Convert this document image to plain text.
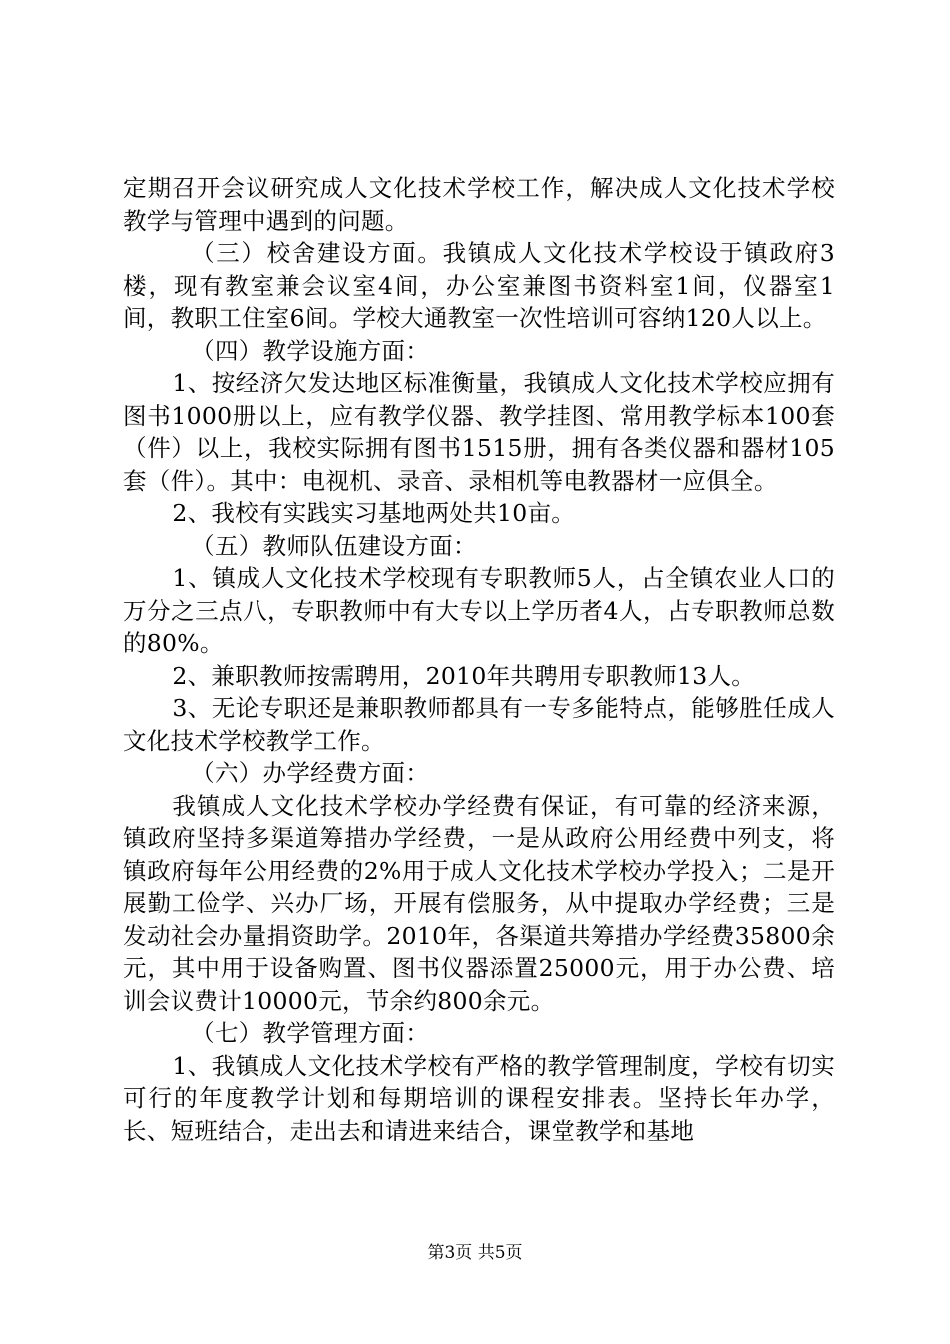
定期召开会议研究成人文化技术学校工作，解决成人文化技术学校教学与管理中遇到的问题。

（三）校舍建设方面。我镇成人文化技术学校设于镇政府3楼，现有教室兼会议室4间，办公室兼图书资料室1间，仪器室1间，教职工住室6间。学校大通教室一次性培训可容纳120人以上。

（四）教学设施方面：

1、按经济欠发达地区标准衡量，我镇成人文化技术学校应拥有图书1000册以上，应有教学仪器、教学挂图、常用教学标本100套（件）以上，我校实际拥有图书1515册，拥有各类仪器和器材105套（件）。其中：电视机、录音、录相机等电教器材一应俱全。

2、我校有实践实习基地两处共10亩。

（五）教师队伍建设方面：

1、镇成人文化技术学校现有专职教师5人，占全镇农业人口的万分之三点八，专职教师中有大专以上学历者4人，占专职教师总数的80%。

2、兼职教师按需聘用，2010年共聘用专职教师13人。

3、无论专职还是兼职教师都具有一专多能特点，能够胜任成人文化技术学校教学工作。

（六）办学经费方面：

我镇成人文化技术学校办学经费有保证，有可靠的经济来源，镇政府坚持多渠道筹措办学经费，一是从政府公用经费中列支，将镇政府每年公用经费的2%用于成人文化技术学校办学投入；二是开展勤工俭学、兴办厂场，开展有偿服务，从中提取办学经费；三是发动社会办量捐资助学。2010年，各渠道共筹措办学经费35800余元，其中用于设备购置、图书仪器添置25000元，用于办公费、培训会议费计10000元，节余约800余元。

（七）教学管理方面：

1、我镇成人文化技术学校有严格的教学管理制度，学校有切实可行的年度教学计划和每期培训的课程安排表。坚持长年办学，长、短班结合，走出去和请进来结合，课堂教学和基地

第3页 共5页
